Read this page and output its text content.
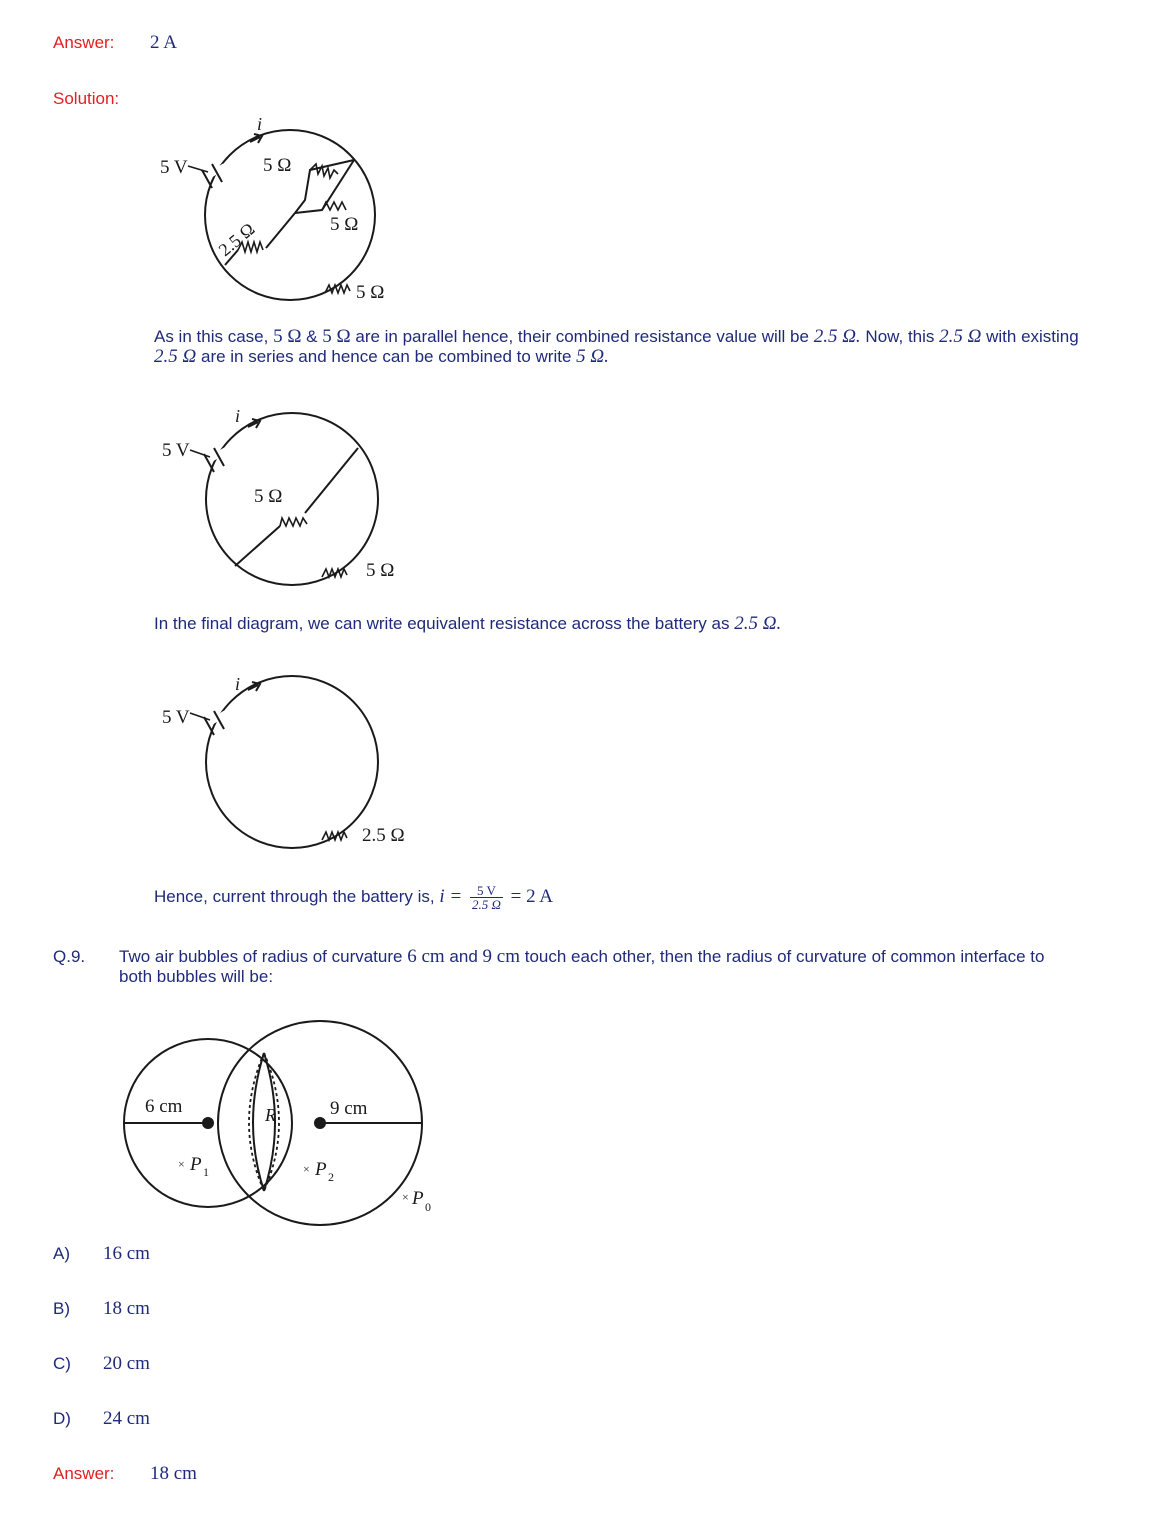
Answer: 2 A
Solution:
5 V
i
5 Ω
5 Ω
2.5 Ω
5 Ω
As in this case, 5 Ω & 5 Ω are in parallel hence, their combined resistance value will be 2.5 Ω. Now, this 2.5 Ω with existing
2.5 Ω are in series and hence can be combined to write 5 Ω.
5 V
i
5 Ω
5 Ω
In the final diagram, we can write equivalent resistance across the battery as 2.5 Ω.
5 V
i
2.5 Ω
Hence, current through the battery is, $i = \frac{5 V}{2.5 \Omega} = 2$ A
Q.9. Two air bubbles of radius of curvature 6 cm and 9 cm touch each other, then the radius of curvature of common interface to
both bubbles will be:
6 cm	9 cm
R
× P 1	× P 2
× P 0
A) 16 cm
B) 18 cm
C) 20 cm
D) 24 cm
Answer: 18 cm
